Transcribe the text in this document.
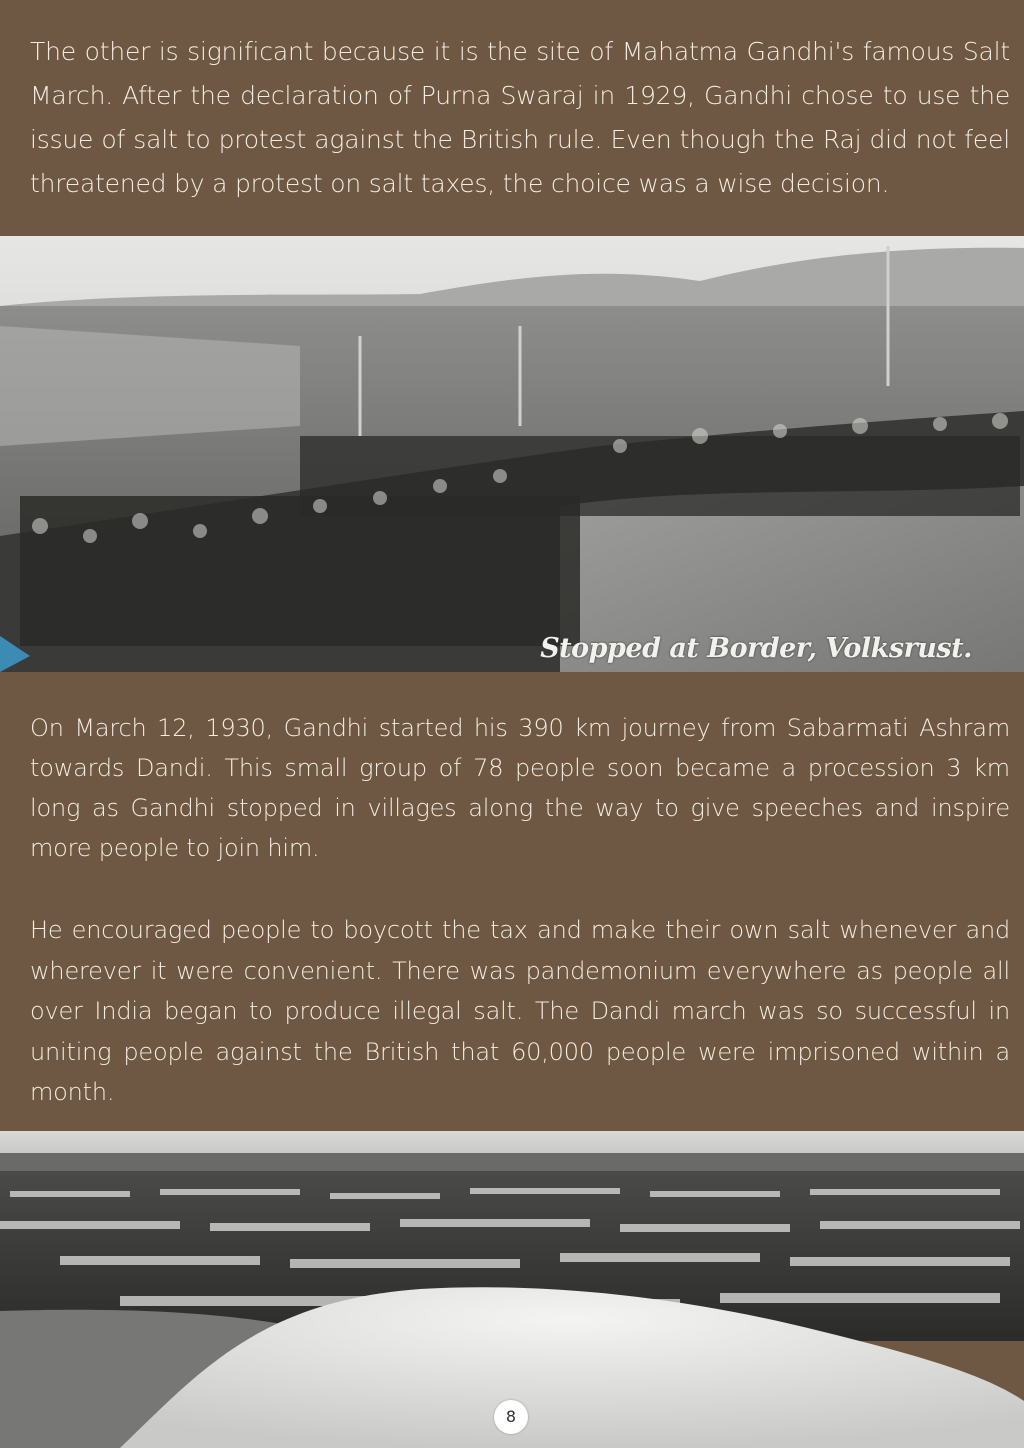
The other is significant because it is the site of Mahatma Gandhi's famous Salt March. After the declaration of Purna Swaraj in 1929, Gandhi chose to use the issue of salt to protest against the British rule. Even though the Raj did not feel threatened by a protest on salt taxes, the choice was a wise decision.

Stopped at Border, Volksrust.

On March 12, 1930, Gandhi started his 390 km journey from Sabarmati Ashram towards Dandi. This small group of 78 people soon became a procession 3 km long as Gandhi stopped in villages along the way to give speeches and inspire more people to join him.

He encouraged people to boycott the tax and make their own salt whenever and wherever it were convenient. There was pandemonium everywhere as people all over India began to produce illegal salt. The Dandi march was so successful in uniting people against the British that 60,000 people were imprisoned within a month.

8
